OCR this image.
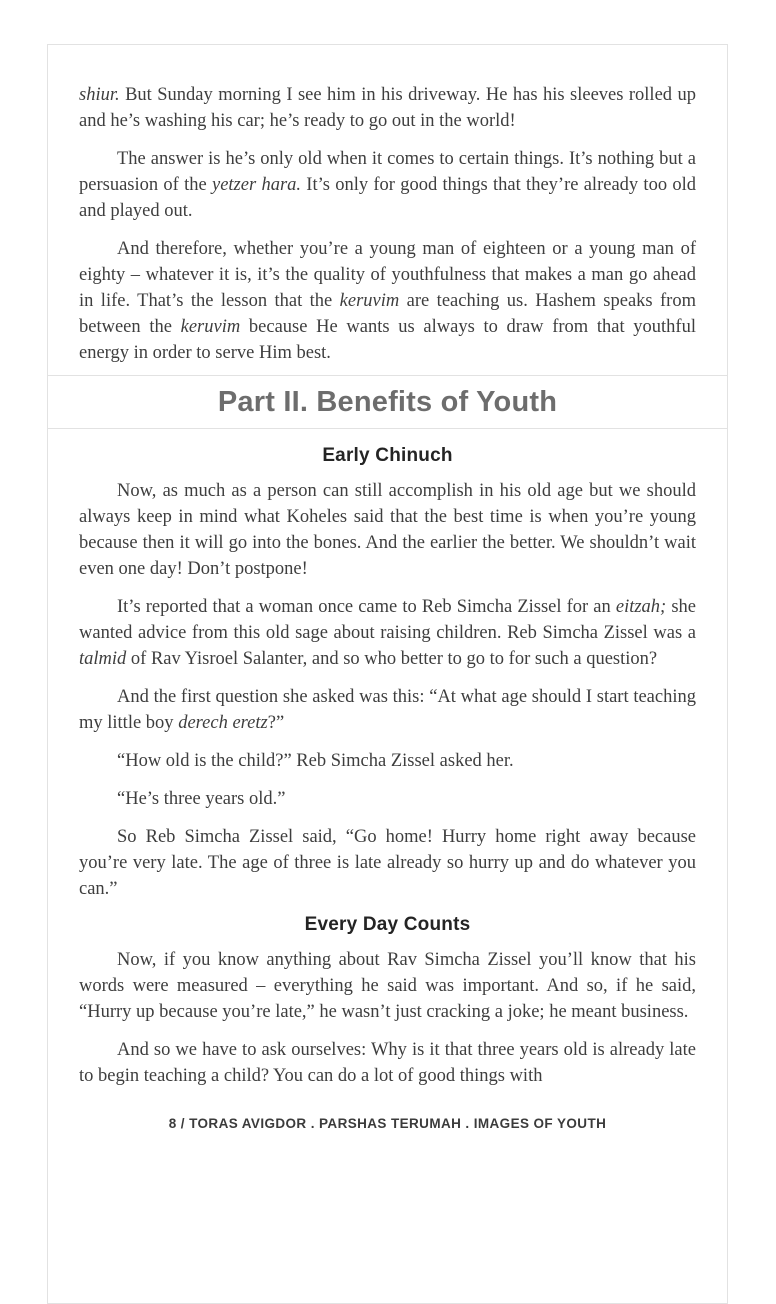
shiur. But Sunday morning I see him in his driveway. He has his sleeves rolled up and he’s washing his car; he’s ready to go out in the world!

The answer is he’s only old when it comes to certain things. It’s nothing but a persuasion of the yetzer hara. It’s only for good things that they’re already too old and played out.

And therefore, whether you’re a young man of eighteen or a young man of eighty – whatever it is, it’s the quality of youthfulness that makes a man go ahead in life. That’s the lesson that the keruvim are teaching us. Hashem speaks from between the keruvim because He wants us always to draw from that youthful energy in order to serve Him best.

Part II. Benefits of Youth
Early Chinuch

Now, as much as a person can still accomplish in his old age but we should always keep in mind what Koheles said that the best time is when you’re young because then it will go into the bones. And the earlier the better. We shouldn’t wait even one day! Don’t postpone!

It’s reported that a woman once came to Reb Simcha Zissel for an eitzah; she wanted advice from this old sage about raising children. Reb Simcha Zissel was a talmid of Rav Yisroel Salanter, and so who better to go to for such a question?

And the first question she asked was this: “At what age should I start teaching my little boy derech eretz?”

“How old is the child?” Reb Simcha Zissel asked her.

“He’s three years old.”

So Reb Simcha Zissel said, “Go home! Hurry home right away because you’re very late. The age of three is late already so hurry up and do whatever you can.”

Every Day Counts

Now, if you know anything about Rav Simcha Zissel you’ll know that his words were measured – everything he said was important. And so, if he said, “Hurry up because you’re late,” he wasn’t just cracking a joke; he meant business.

And so we have to ask ourselves: Why is it that three years old is already late to begin teaching a child? You can do a lot of good things with

8 / TORAS AVIGDOR . PARSHAS TERUMAH . IMAGES OF YOUTH
